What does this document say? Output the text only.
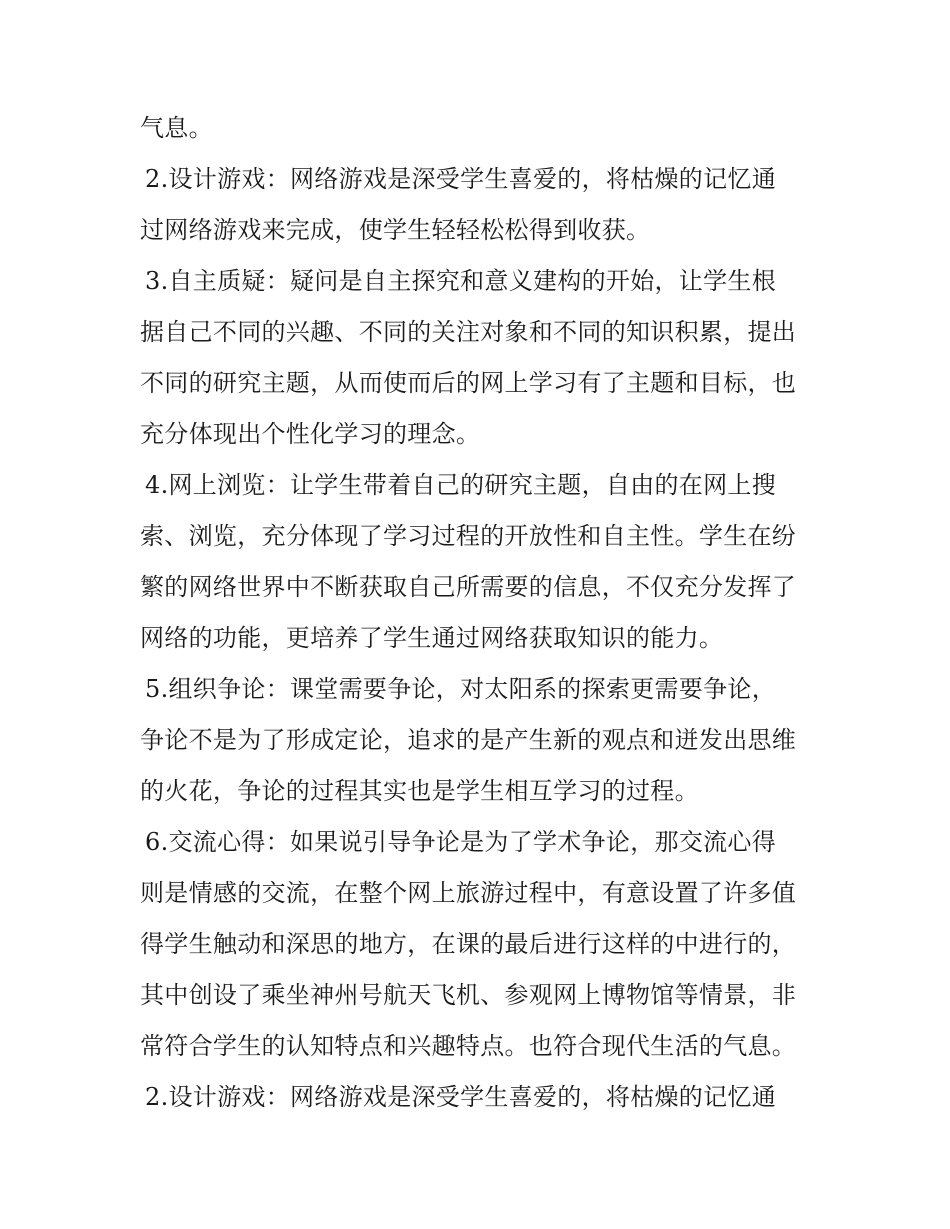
气息。
2.设计游戏：网络游戏是深受学生喜爱的，将枯燥的记忆通
过网络游戏来完成，使学生轻轻松松得到收获。
3.自主质疑：疑问是自主探究和意义建构的开始，让学生根
据自己不同的兴趣、不同的关注对象和不同的知识积累，提出
不同的研究主题，从而使而后的网上学习有了主题和目标，也
充分体现出个性化学习的理念。
4.网上浏览：让学生带着自己的研究主题，自由的在网上搜
索、浏览，充分体现了学习过程的开放性和自主性。学生在纷
繁的网络世界中不断获取自己所需要的信息，不仅充分发挥了
网络的功能，更培养了学生通过网络获取知识的能力。
5.组织争论：课堂需要争论，对太阳系的探索更需要争论，
争论不是为了形成定论，追求的是产生新的观点和迸发出思维
的火花，争论的过程其实也是学生相互学习的过程。
6.交流心得：如果说引导争论是为了学术争论，那交流心得
则是情感的交流，在整个网上旅游过程中，有意设置了许多值
得学生触动和深思的地方，在课的最后进行这样的中进行的，
其中创设了乘坐神州号航天飞机、参观网上博物馆等情景，非
常符合学生的认知特点和兴趣特点。也符合现代生活的气息。
2.设计游戏：网络游戏是深受学生喜爱的，将枯燥的记忆通
